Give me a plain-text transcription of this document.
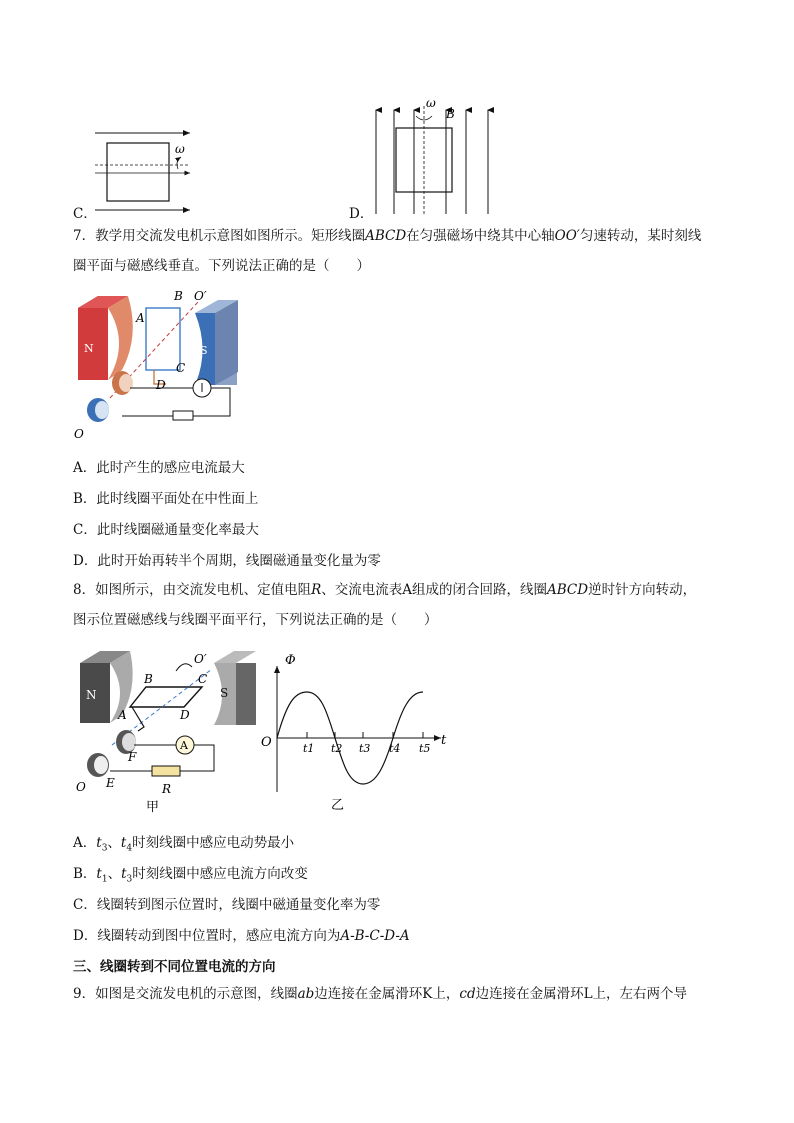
ω
C．
ω
B
D．
7．教学用交流发电机示意图如图所示。矩形线圈ABCD在匀强磁场中绕其中心轴OO′匀速转动，某时刻线
圈平面与磁感线垂直。下列说法正确的是（　　）
N	S
B O′
A
C
D
O
A．此时产生的感应电流最大
B．此时线圈平面处在中性面上
C．此时线圈磁通量变化率最大
D．此时开始再转半个周期，线圈磁通量变化量为零
8．如图所示，由交流发电机、定值电阻R、交流电流表A组成的闭合回路，线圈ABCD逆时针方向转动，
图示位置磁感线与线圈平面平行，下列说法正确的是（　　）
N	S
A
B
O′
C
A	D
F
E
O	R
甲
Φ
t
O	t1 t2 t3 t4 t5
乙
A．$t_3$、$t_4$时刻线圈中感应电动势最小
B．$t_1$、$t_3$时刻线圈中感应电流方向改变
C．线圈转到图示位置时，线圈中磁通量变化率为零
D．线圈转动到图中位置时，感应电流方向为A-B-C-D-A
三、线圈转到不同位置电流的方向
9．如图是交流发电机的示意图，线圈ab边连接在金属滑环K上，cd边连接在金属滑环L上，左右两个导
